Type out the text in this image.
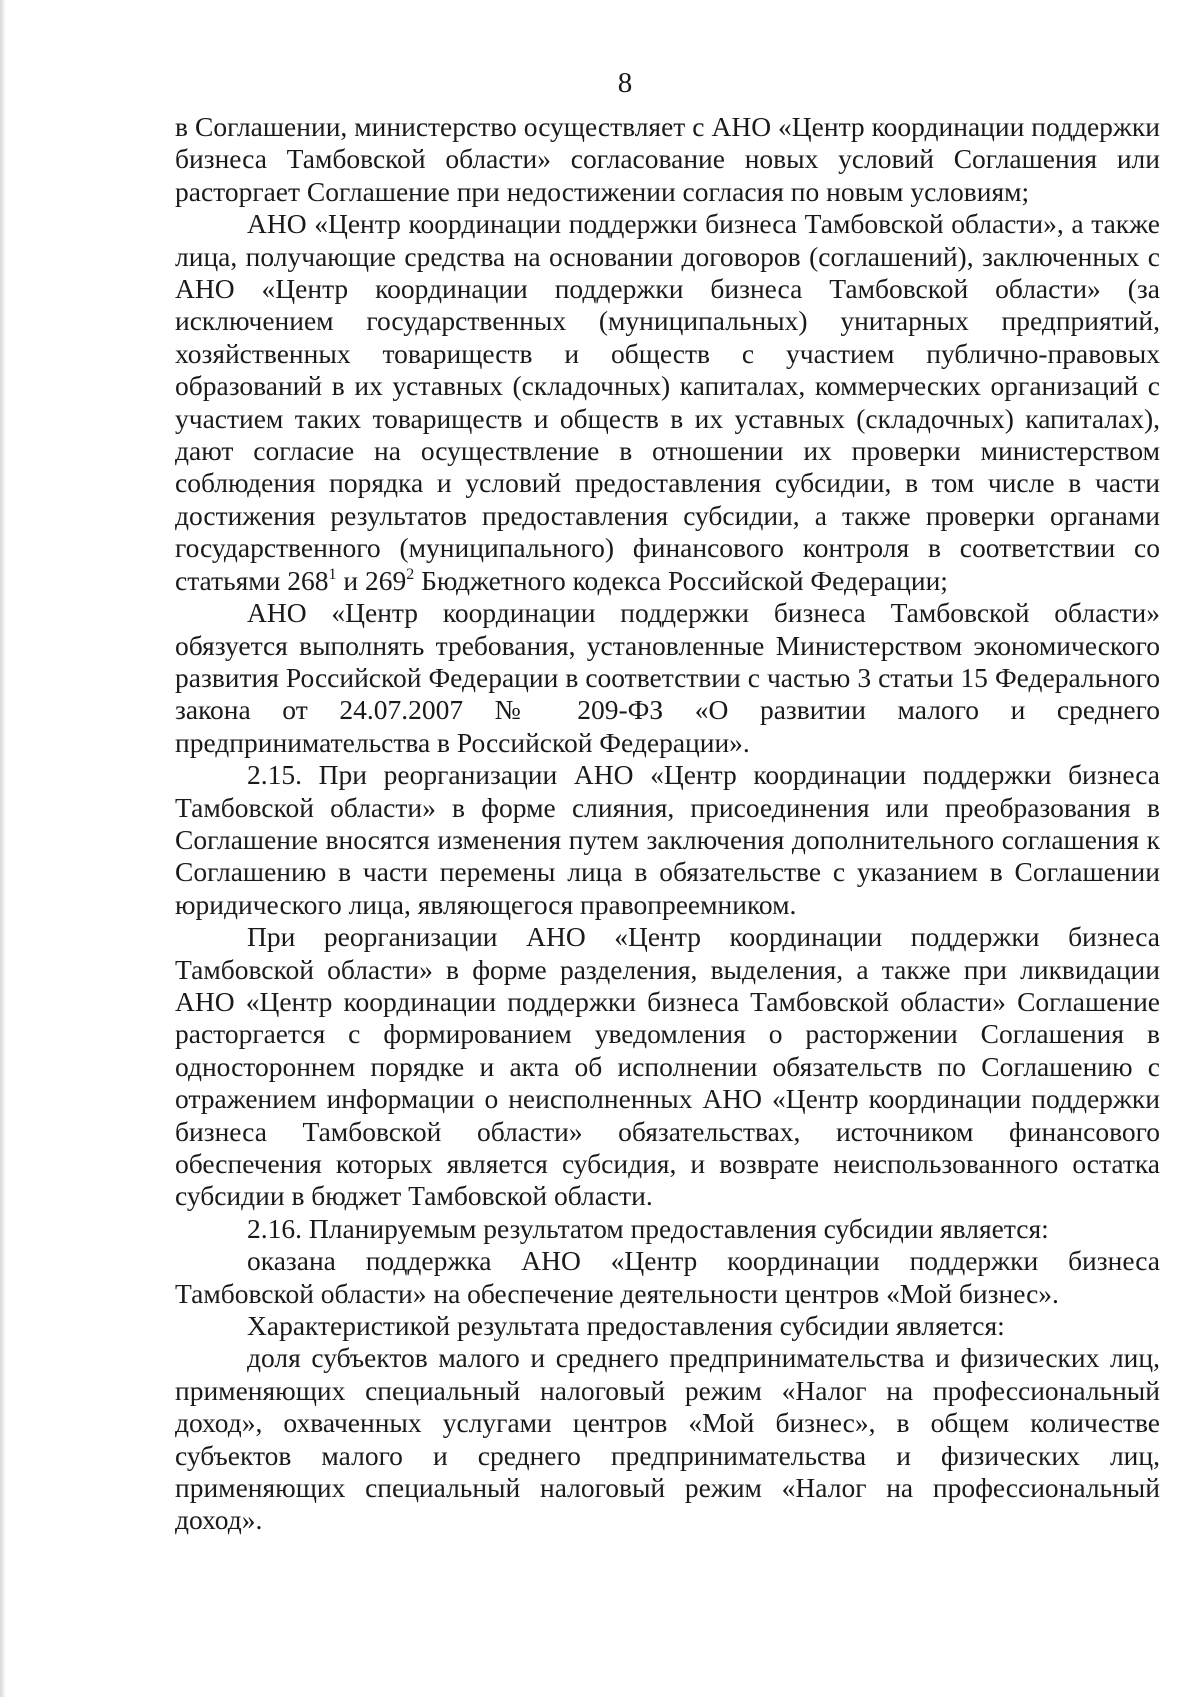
8

в Соглашении, министерство осуществляет с АНО «Центр координации поддержки бизнеса Тамбовской области» согласование новых условий Соглашения или расторгает Соглашение при недостижении согласия по новым условиям;

АНО «Центр координации поддержки бизнеса Тамбовской области», а также лица, получающие средства на основании договоров (соглашений), заключенных с АНО «Центр координации поддержки бизнеса Тамбовской области» (за исключением государственных (муниципальных) унитарных предприятий, хозяйственных товариществ и обществ с участием публично-правовых образований в их уставных (складочных) капиталах, коммерческих организаций с участием таких товариществ и обществ в их уставных (складочных) капиталах), дают согласие на осуществление в отношении их проверки министерством соблюдения порядка и условий предоставления субсидии, в том числе в части достижения результатов предоставления субсидии, а также проверки органами государственного (муниципального) финансового контроля в соответствии со статьями $268^1$ и $269^2$ Бюджетного кодекса Российской Федерации;

АНО «Центр координации поддержки бизнеса Тамбовской области» обязуется выполнять требования, установленные Министерством экономического развития Российской Федерации в соответствии с частью 3 статьи 15 Федерального закона от 24.07.2007 № 209-ФЗ «О развитии малого и среднего предпринимательства в Российской Федерации».

2.15. При реорганизации АНО «Центр координации поддержки бизнеса Тамбовской области» в форме слияния, присоединения или преобразования в Соглашение вносятся изменения путем заключения дополнительного соглашения к Соглашению в части перемены лица в обязательстве с указанием в Соглашении юридического лица, являющегося правопреемником.

При реорганизации АНО «Центр координации поддержки бизнеса Тамбовской области» в форме разделения, выделения, а также при ликвидации АНО «Центр координации поддержки бизнеса Тамбовской области» Соглашение расторгается с формированием уведомления о расторжении Соглашения в одностороннем порядке и акта об исполнении обязательств по Соглашению с отражением информации о неисполненных АНО «Центр координации поддержки бизнеса Тамбовской области» обязательствах, источником финансового обеспечения которых является субсидия, и возврате неиспользованного остатка субсидии в бюджет Тамбовской области.

2.16. Планируемым результатом предоставления субсидии является:

оказана поддержка АНО «Центр координации поддержки бизнеса Тамбовской области» на обеспечение деятельности центров «Мой бизнес».

Характеристикой результата предоставления субсидии является:

доля субъектов малого и среднего предпринимательства и физических лиц, применяющих специальный налоговый режим «Налог на профессиональный доход», охваченных услугами центров «Мой бизнес», в общем количестве субъектов малого и среднего предпринимательства и физических лиц, применяющих специальный налоговый режим «Налог на профессиональный доход».
